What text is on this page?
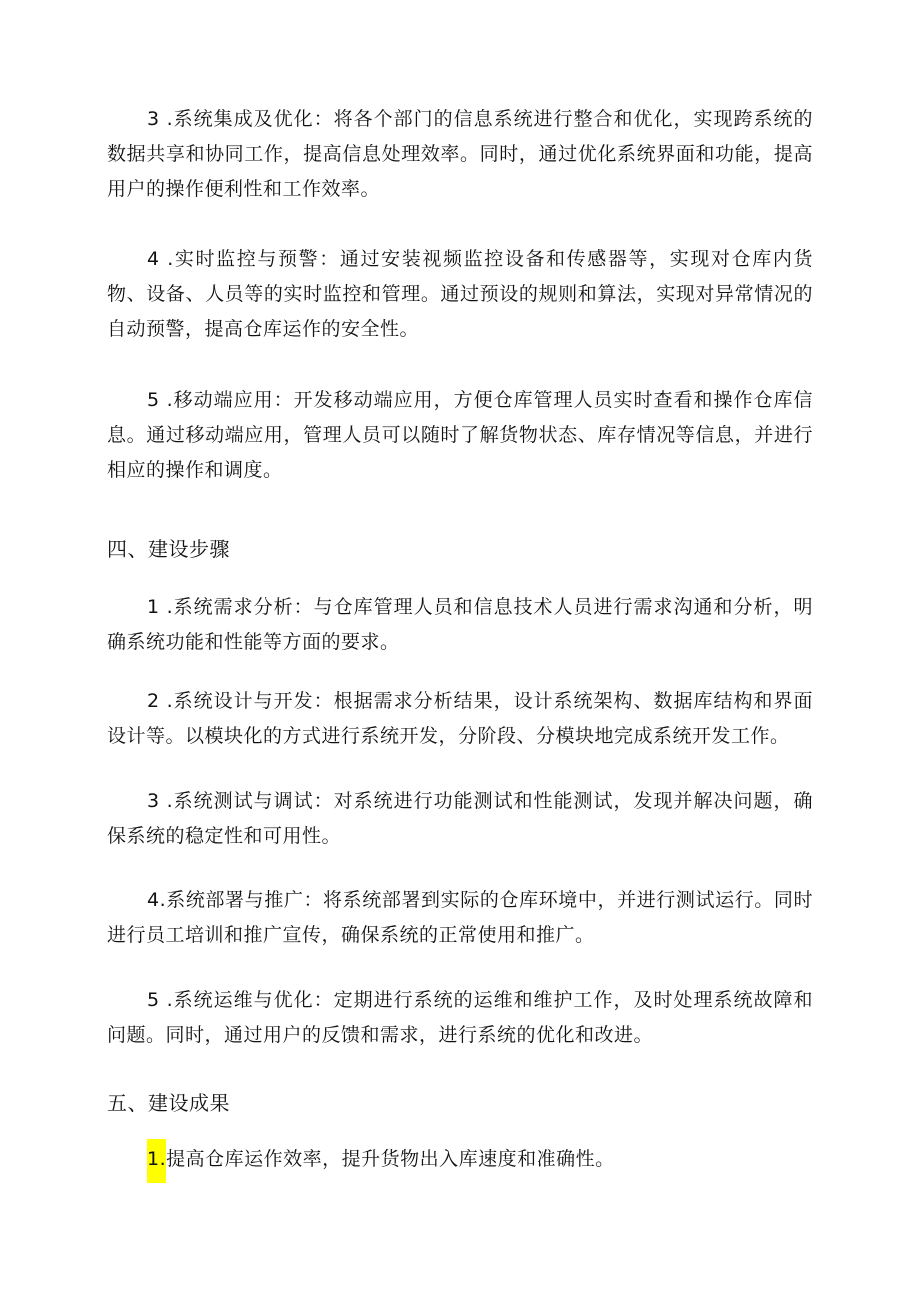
3 .系统集成及优化：将各个部门的信息系统进行整合和优化，实现跨系统的数据共享和协同工作，提高信息处理效率。同时，通过优化系统界面和功能，提高用户的操作便利性和工作效率。

4 .实时监控与预警：通过安装视频监控设备和传感器等，实现对仓库内货物、设备、人员等的实时监控和管理。通过预设的规则和算法，实现对异常情况的自动预警，提高仓库运作的安全性。

5 .移动端应用：开发移动端应用，方便仓库管理人员实时查看和操作仓库信息。通过移动端应用，管理人员可以随时了解货物状态、库存情况等信息，并进行相应的操作和调度。

四、建设步骤

1 .系统需求分析：与仓库管理人员和信息技术人员进行需求沟通和分析，明确系统功能和性能等方面的要求。

2 .系统设计与开发：根据需求分析结果，设计系统架构、数据库结构和界面设计等。以模块化的方式进行系统开发，分阶段、分模块地完成系统开发工作。

3 .系统测试与调试：对系统进行功能测试和性能测试，发现并解决问题，确保系统的稳定性和可用性。

4.系统部署与推广：将系统部署到实际的仓库环境中，并进行测试运行。同时进行员工培训和推广宣传，确保系统的正常使用和推广。

5 .系统运维与优化：定期进行系统的运维和维护工作，及时处理系统故障和问题。同时，通过用户的反馈和需求，进行系统的优化和改进。

五、建设成果

1.提高仓库运作效率，提升货物出入库速度和准确性。
